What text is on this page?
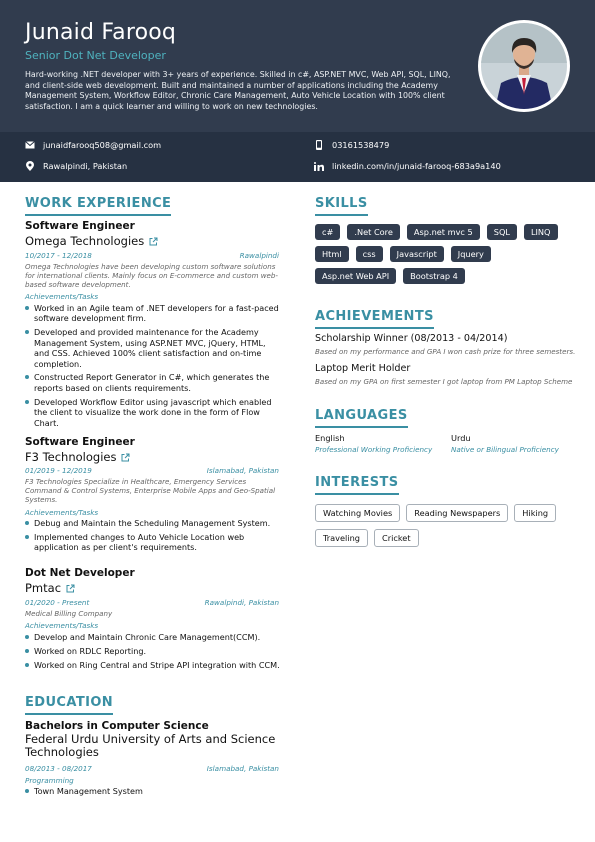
Junaid Farooq
Senior Dot Net Developer
Hard-working .NET developer with 3+ years of experience. Skilled in c#, ASP.NET MVC, Web API, SQL, LINQ, and client-side web development. Built and maintained a number of applications including the Academy Management System, Workflow Editor, Chronic Care Management, Auto Vehicle Location with 100% client satisfaction. I am a quick learner and willing to work on new technologies.
junaidfarooq508@gmail.com	03161538479
Rawalpindi, Pakistan	linkedin.com/in/junaid-farooq-683a9a140
WORK EXPERIENCE
Software Engineer
Omega Technologies
10/2017 - 12/2018	Rawalpindi
Omega Technologies have been developing custom software solutions for international clients. Mainly focus on E-commerce and custom web-based software development.
Achievements/Tasks
Worked in an Agile team of .NET developers for a fast-paced software development firm.
Developed and provided maintenance for the Academy Management System, using ASP.NET MVC, jQuery, HTML, and CSS. Achieved 100% client satisfaction and on-time completion.
Constructed Report Generator in C#, which generates the reports based on clients requirements.
Developed Workflow Editor using javascript which enabled the client to visualize the work done in the form of Flow Chart.
Software Engineer
F3 Technologies
01/2019 - 12/2019	Islamabad, Pakistan
F3 Technologies Specialize in Healthcare, Emergency Services Command & Control Systems, Enterprise Mobile Apps and Geo-Spatial Systems.
Achievements/Tasks
Debug and Maintain the Scheduling Management System.
Implemented changes to Auto Vehicle Location web application as per client's requirements.
Dot Net Developer
Pmtac
01/2020 - Present	Rawalpindi, Pakistan
Medical Billing Company
Achievements/Tasks
Develop and Maintain Chronic Care Management(CCM).
Worked on RDLC Reporting.
Worked on Ring Central and Stripe API integration with CCM.
EDUCATION
Bachelors in Computer Science
Federal Urdu University of Arts and Science Technologies
08/2013 - 08/2017	Islamabad, Pakistan
Programming
Town Management System
SKILLS
c#	.Net Core	Asp.net mvc 5	SQL	LINQ
Html	css	Javascript	Jquery
Asp.net Web API	Bootstrap 4
ACHIEVEMENTS
Scholarship Winner (08/2013 - 04/2014)
Based on my performance and GPA I won cash prize for three semesters.
Laptop Merit Holder
Based on my GPA on first semester I got laptop from PM Laptop Scheme
LANGUAGES
English
Professional Working Proficiency
Urdu
Native or Bilingual Proficiency
INTERESTS
Watching Movies	Reading Newspapers	Hiking
Traveling	Cricket
